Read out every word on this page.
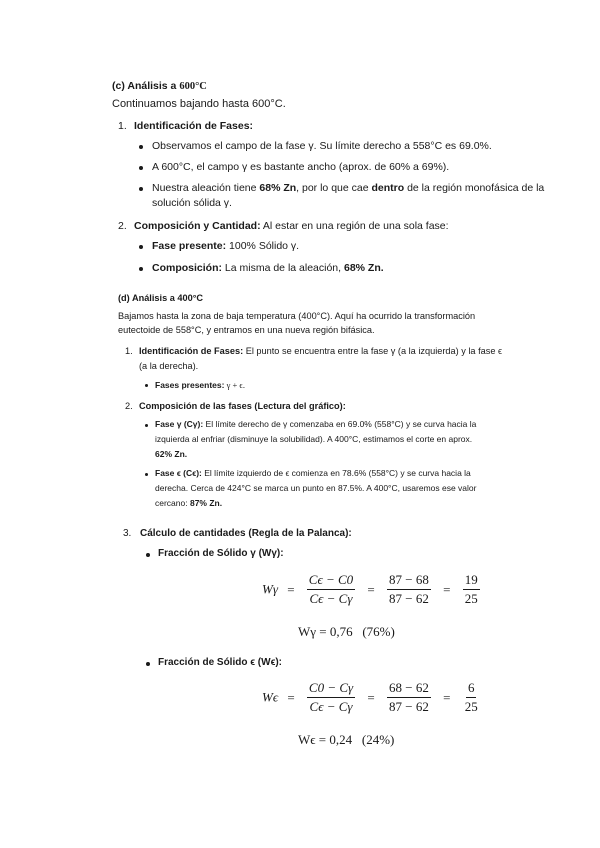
(c) Análisis a 600°C
Continuamos bajando hasta 600°C.
1. Identificación de Fases:
Observamos el campo de la fase γ. Su límite derecho a 558°C es 69.0%.
A 600°C, el campo γ es bastante ancho (aprox. de 60% a 69%).
Nuestra aleación tiene 68% Zn, por lo que cae dentro de la región monofásica de la
solución sólida γ.
2. Composición y Cantidad: Al estar en una región de una sola fase:
Fase presente: 100% Sólido γ.
Composición: La misma de la aleación, 68% Zn.
(d) Análisis a 400°C
Bajamos hasta la zona de baja temperatura (400°C). Aquí ha ocurrido la transformación
eutectoide de 558°C, y entramos en una nueva región bifásica.
1. Identificación de Fases: El punto se encuentra entre la fase γ (a la izquierda) y la fase ϵ
(a la derecha).
Fases presentes: γ + ϵ.
2. Composición de las fases (Lectura del gráfico):
Fase γ (Cγ): El límite derecho de γ comenzaba en 69.0% (558°C) y se curva hacia la
izquierda al enfriar (disminuye la solubilidad). A 400°C, estimamos el corte en aprox.
62% Zn.
Fase ϵ (Cϵ): El límite izquierdo de ϵ comienza en 78.6% (558°C) y se curva hacia la
derecha. Cerca de 424°C se marca un punto en 87.5%. A 400°C, usaremos ese valor
cercano: 87% Zn.
3. Cálculo de cantidades (Regla de la Palanca):
Fracción de Sólido γ (Wγ):
$W\gamma = \frac{C\epsilon - C0}{C\epsilon - C\gamma} = \frac{87 - 68}{87 - 62} = \frac{19}{25}$
Wγ = 0,76   (76%)
Fracción de Sólido ϵ (Wϵ):
$W\epsilon = \frac{C0 - C\gamma}{C\epsilon - C\gamma} = \frac{68 - 62}{87 - 62} = \frac{6}{25}$
Wϵ = 0,24   (24%)
